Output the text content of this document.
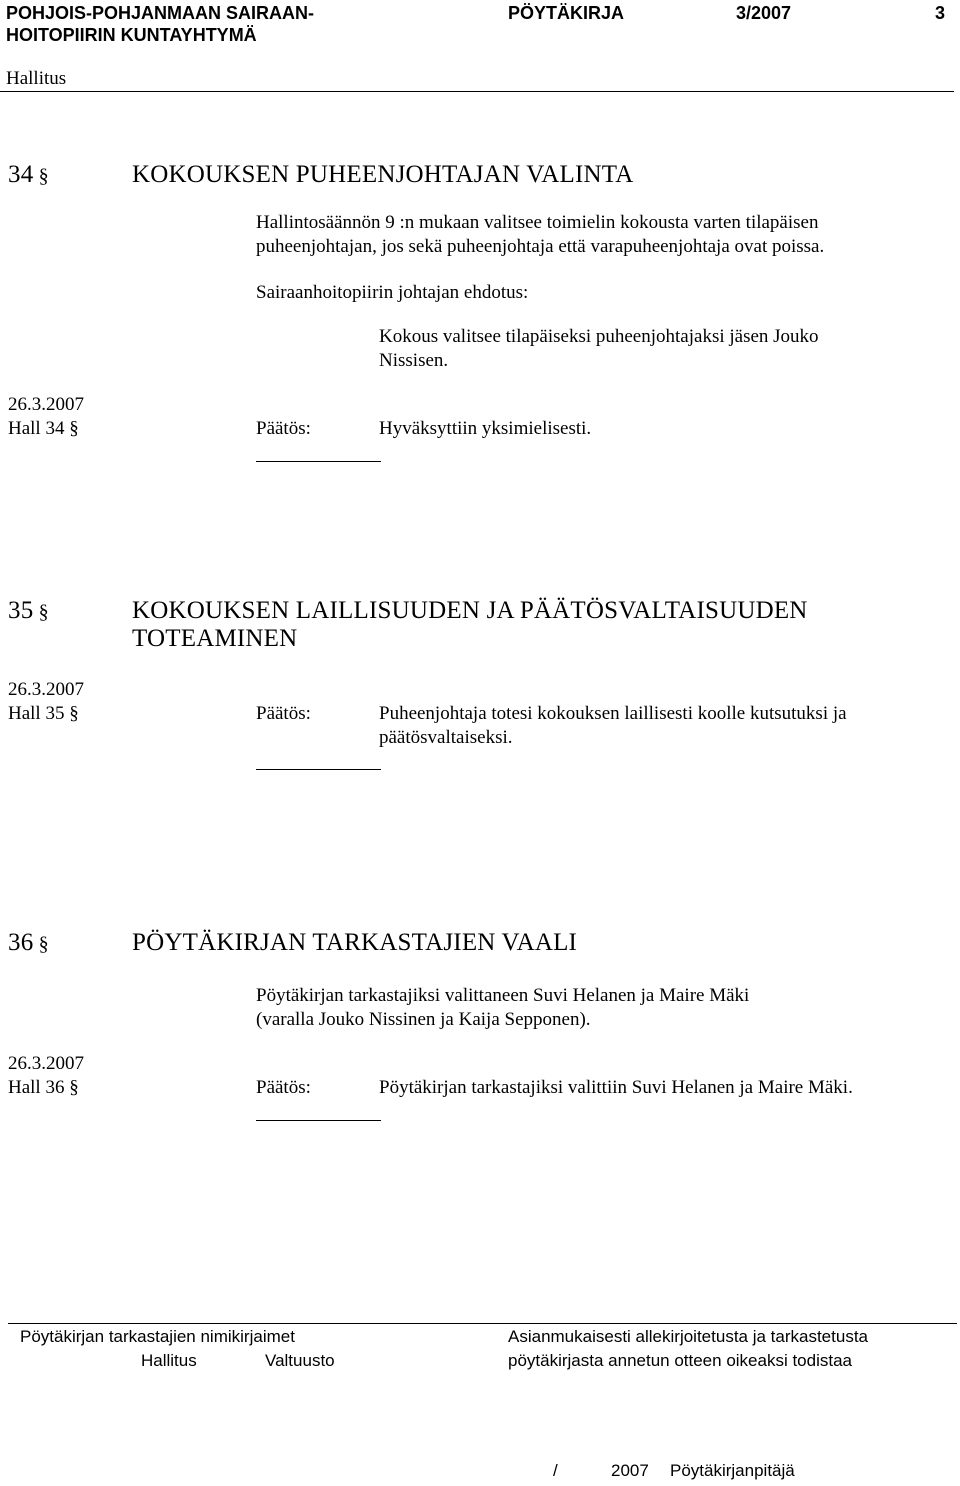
POHJOIS-POHJANMAAN SAIRAAN-
HOITOPIIRIN KUNTAYHTYMÄ
PÖYTÄKIRJA	3/2007	3
Hallitus
34 §	KOKOUKSEN PUHEENJOHTAJAN VALINTA
Hallintosäännön 9 :n mukaan valitsee toimielin kokousta varten tilapäisen
puheenjohtajan, jos sekä puheenjohtaja että varapuheenjohtaja ovat poissa.
Sairaanhoitopiirin johtajan ehdotus:
Kokous valitsee tilapäiseksi puheenjohtajaksi jäsen Jouko
Nissisen.
26.3.2007
Hall 34 §	Päätös:	Hyväksyttiin yksimielisesti.
35 §	KOKOUKSEN LAILLISUUDEN JA PÄÄTÖSVALTAISUUDEN
TOTEAMINEN
26.3.2007
Hall 35 §	Päätös:	Puheenjohtaja totesi kokouksen laillisesti koolle kutsutuksi ja
päätösvaltaiseksi.
36 §	PÖYTÄKIRJAN TARKASTAJIEN VAALI
Pöytäkirjan tarkastajiksi valittaneen Suvi Helanen ja Maire Mäki
(varalla Jouko Nissinen ja Kaija Sepponen).
26.3.2007
Hall 36 §	Päätös:	Pöytäkirjan tarkastajiksi valittiin Suvi Helanen ja Maire Mäki.
Pöytäkirjan tarkastajien nimikirjaimet
Hallitus	Valtuusto
Asianmukaisesti allekirjoitetusta ja tarkastetusta
pöytäkirjasta annetun otteen oikeaksi todistaa
/	2007 Pöytäkirjanpitäjä
